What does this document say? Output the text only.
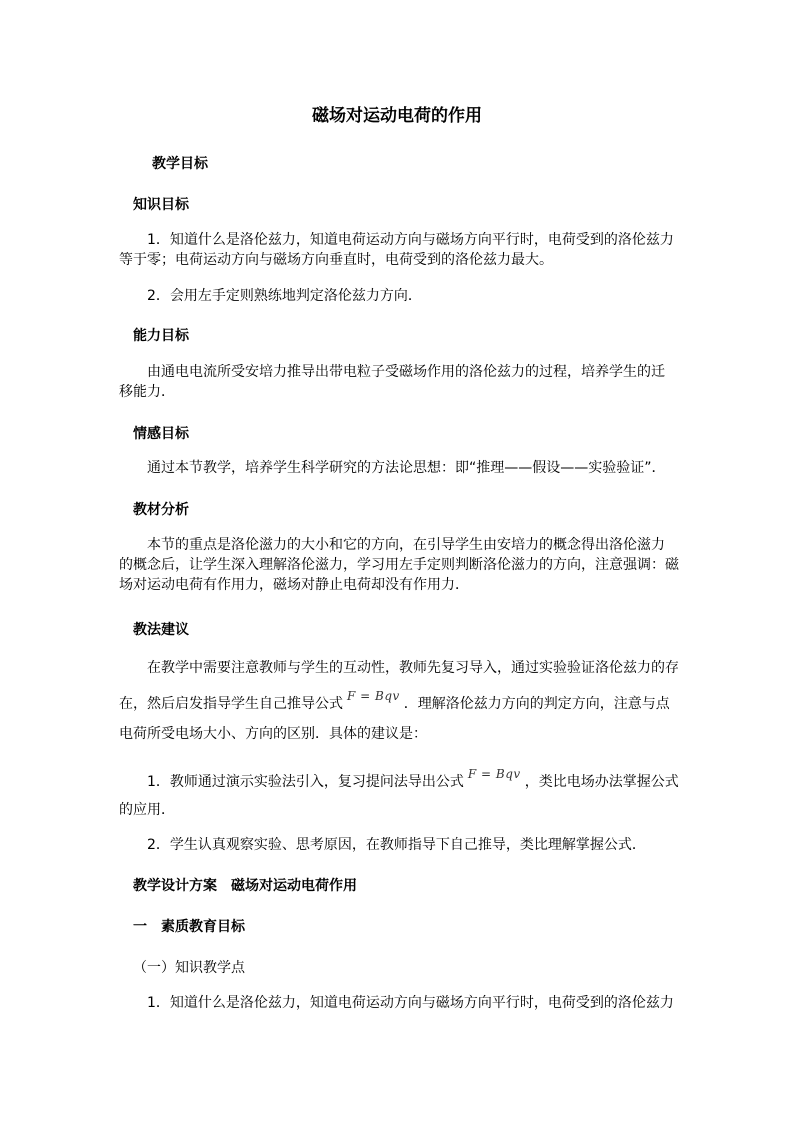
磁场对运动电荷的作用
教学目标
知识目标
1．知道什么是洛伦兹力，知道电荷运动方向与磁场方向平行时，电荷受到的洛伦兹力
等于零；电荷运动方向与磁场方向垂直时，电荷受到的洛伦兹力最大。
2．会用左手定则熟练地判定洛伦兹力方向．
能力目标
由通电电流所受安培力推导出带电粒子受磁场作用的洛伦兹力的过程，培养学生的迁
移能力．
情感目标
通过本节教学，培养学生科学研究的方法论思想：即“推理——假设——实验验证”．
教材分析
本节的重点是洛伦滋力的大小和它的方向，在引导学生由安培力的概念得出洛伦滋力
的概念后，让学生深入理解洛伦滋力，学习用左手定则判断洛伦滋力的方向，注意强调：磁
场对运动电荷有作用力，磁场对静止电荷却没有作用力．
教法建议
在教学中需要注意教师与学生的互动性，教师先复习导入，通过实验验证洛伦兹力的存
在，然后启发指导学生自己推导公式 F = Bqv ．理解洛伦兹力方向的判定方向，注意与点
电荷所受电场大小、方向的区别．具体的建议是：
1．教师通过演示实验法引入，复习提问法导出公式 F = Bqv ，类比电场办法掌握公式
的应用．
2．学生认真观察实验、思考原因，在教师指导下自己推导，类比理解掌握公式．
教学设计方案　磁场对运动电荷作用
一　素质教育目标
（一）知识教学点
1．知道什么是洛伦兹力，知道电荷运动方向与磁场方向平行时，电荷受到的洛伦兹力
